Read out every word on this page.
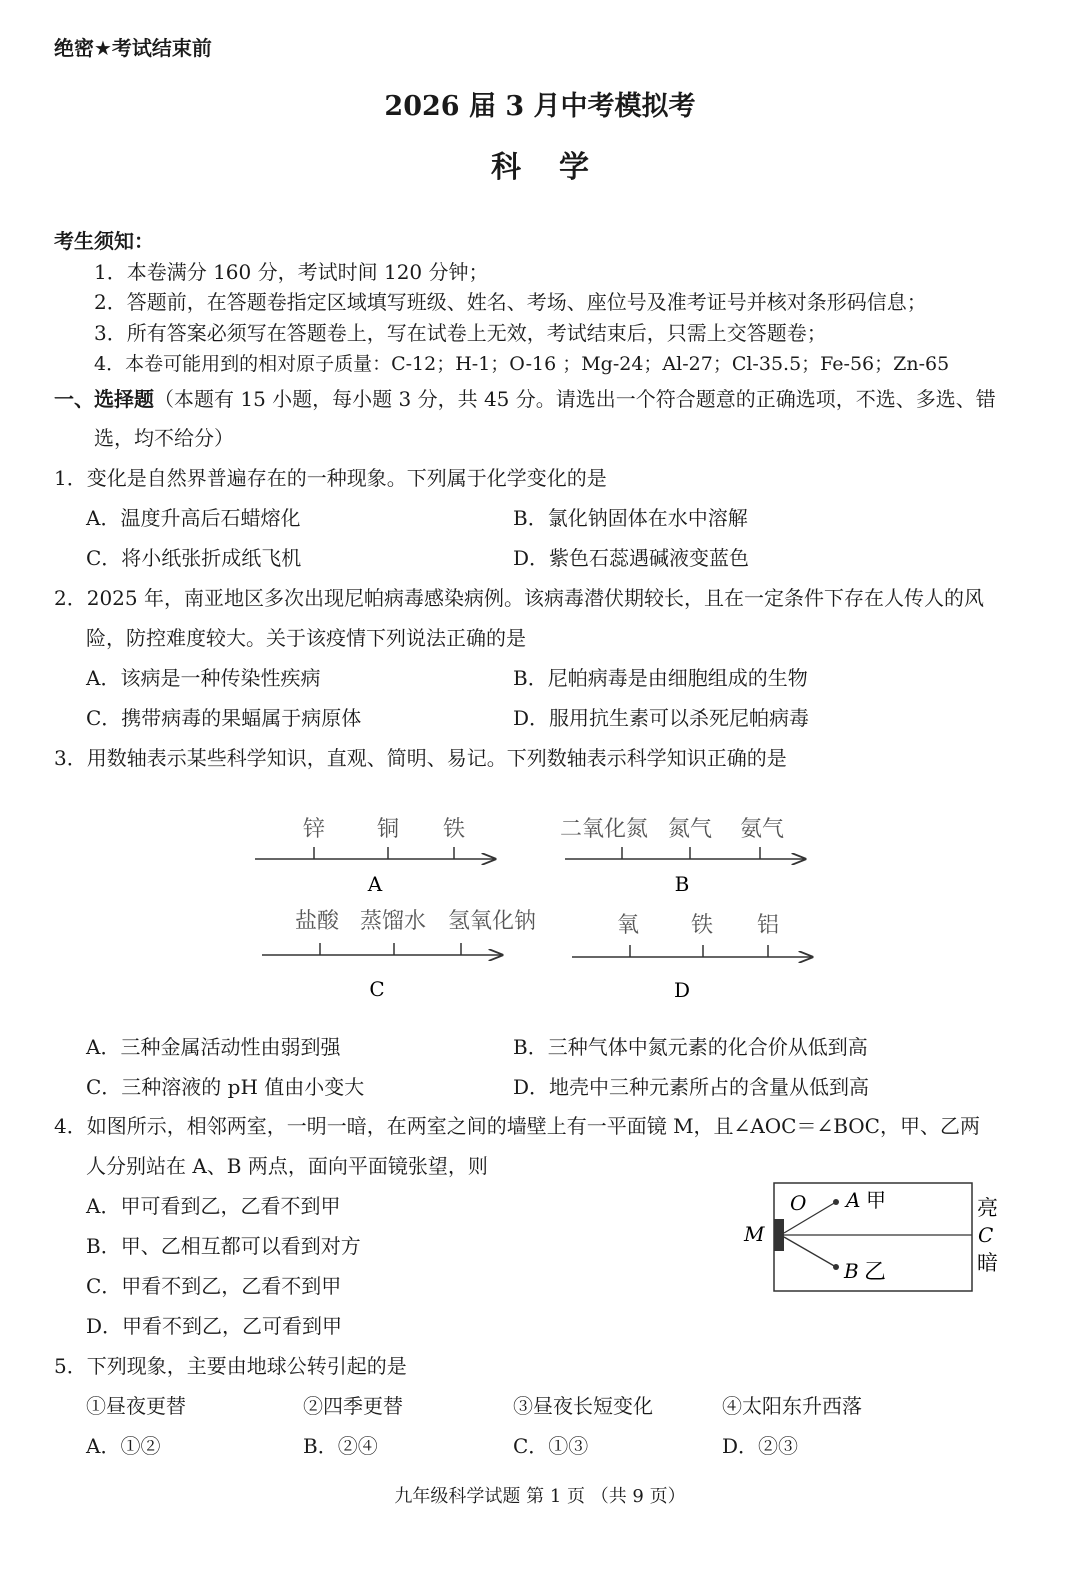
绝密★考试结束前
2026 届 3 月中考模拟考
科学
考生须知：
1．本卷满分 160 分，考试时间 120 分钟；
2．答题前，在答题卷指定区域填写班级、姓名、考场、座位号及准考证号并核对条形码信息；
3．所有答案必须写在答题卷上，写在试卷上无效，考试结束后，只需上交答题卷；
4．本卷可能用到的相对原子质量：C-12；H-1；O-16 ；Mg-24；Al-27；Cl-35.5；Fe-56；Zn-65
一、选择题（本题有 15 小题，每小题 3 分，共 45 分。请选出一个符合题意的正确选项，不选、多选、错
选，均不给分）
1．变化是自然界普遍存在的一种现象。下列属于化学变化的是
A．温度升高后石蜡熔化	B．氯化钠固体在水中溶解
C．将小纸张折成纸飞机	D．紫色石蕊遇碱液变蓝色
2．2025 年，南亚地区多次出现尼帕病毒感染病例。该病毒潜伏期较长，且在一定条件下存在人传人的风
险，防控难度较大。关于该疫情下列说法正确的是
A．该病是一种传染性疾病	B．尼帕病毒是由细胞组成的生物
C．携带病毒的果蝠属于病原体	D．服用抗生素可以杀死尼帕病毒
3．用数轴表示某些科学知识，直观、简明、易记。下列数轴表示科学知识正确的是
锌 铜 铁
A
二氧化氮 氮气 氨气
B
盐酸 蒸馏水 氢氧化钠
C
氧 铁 铝
D
A．三种金属活动性由弱到强	B．三种气体中氮元素的化合价从低到高
C．三种溶液的 pH 值由小变大	D．地壳中三种元素所占的含量从低到高
4．如图所示，相邻两室，一明一暗，在两室之间的墙壁上有一平面镜 M，且∠AOC＝∠BOC，甲、乙两
人分别站在 A、B 两点，面向平面镜张望，则
A．甲可看到乙，乙看不到甲
B．甲、乙相互都可以看到对方
C．甲看不到乙，乙看不到甲
D．甲看不到乙，乙可看到甲
O A 甲
M
B 乙
亮
C
暗
5．下列现象，主要由地球公转引起的是
①昼夜更替	②四季更替	③昼夜长短变化	④太阳东升西落
A．①②	B．②④	C．①③	D．②③
九年级科学试题 第 1 页 （共 9 页）
